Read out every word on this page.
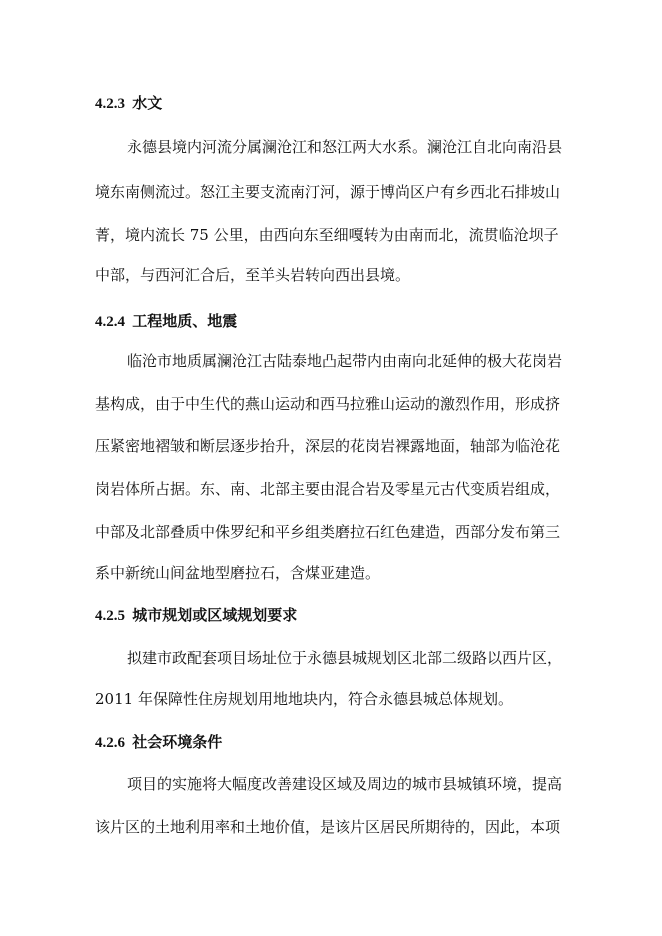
4.2.3 水文
永德县境内河流分属澜沧江和怒江两大水系。澜沧江自北向南沿县
境东南侧流过。怒江主要支流南汀河，源于博尚区户有乡西北石排坡山
菁，境内流长 75 公里，由西向东至细嘎转为由南而北，流贯临沧坝子
中部，与西河汇合后，至羊头岩转向西出县境。
4.2.4 工程地质、地震
临沧市地质属澜沧江古陆泰地凸起带内由南向北延伸的极大花岗岩
基构成，由于中生代的燕山运动和西马拉雅山运动的激烈作用，形成挤
压紧密地褶皱和断层逐步抬升，深层的花岗岩裸露地面，轴部为临沧花
岗岩体所占据。东、南、北部主要由混合岩及零星元古代变质岩组成，
中部及北部叠质中侏罗纪和平乡组类磨拉石红色建造，西部分发布第三
系中新统山间盆地型磨拉石，含煤亚建造。
4.2.5 城市规划或区域规划要求
拟建市政配套项目场址位于永德县城规划区北部二级路以西片区，
2011 年保障性住房规划用地地块内，符合永德县城总体规划。
4.2.6 社会环境条件
项目的实施将大幅度改善建设区域及周边的城市县城镇环境，提高
该片区的土地利用率和土地价值，是该片区居民所期待的，因此，本项
